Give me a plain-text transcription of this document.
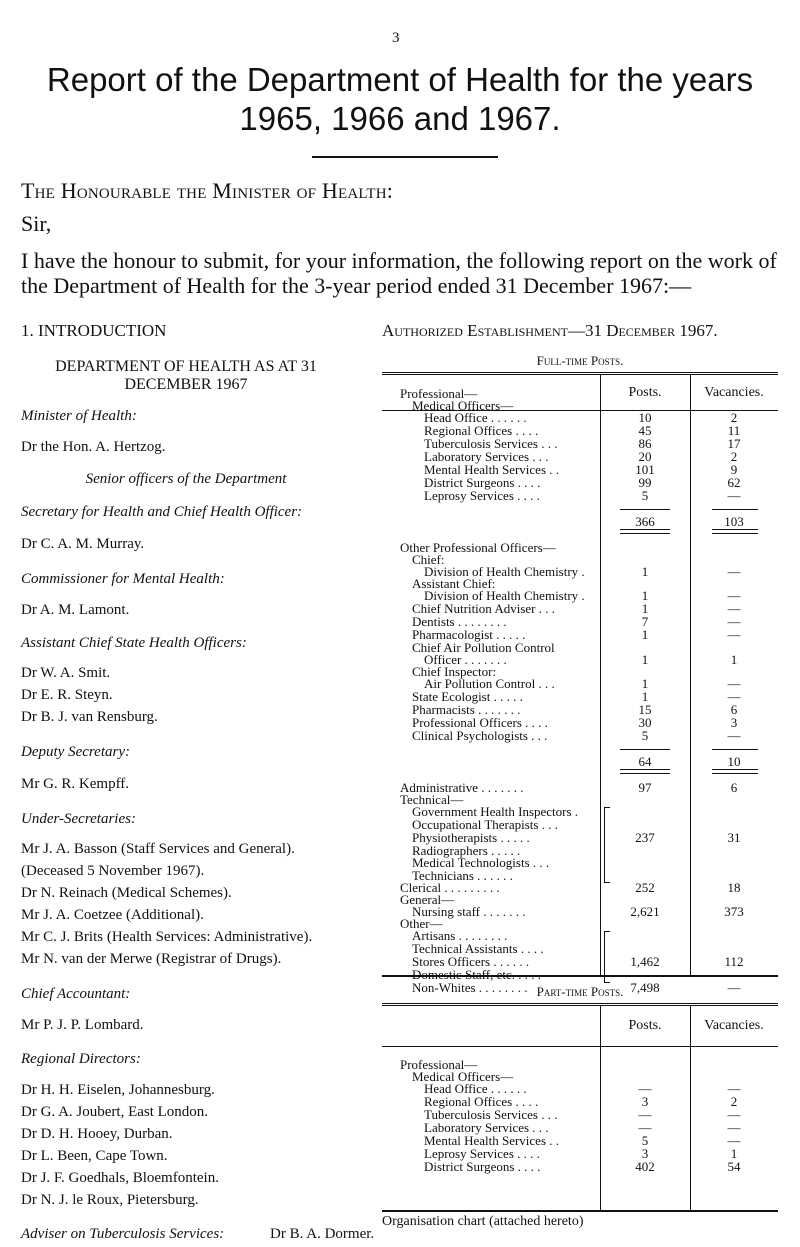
3
Report of the Department of Health for the years 1965, 1966 and 1967.
The Honourable the Minister of Health:
Sir,
I have the honour to submit, for your information, the following report on the work of the Department of Health for the 3-year period ended 31 December 1967:—
1. INTRODUCTION
DEPARTMENT OF HEALTH AS AT 31 DECEMBER 1967
Minister of Health:
Dr the Hon. A. Hertzog.
Senior officers of the Department
Secretary for Health and Chief Health Officer:
Dr C. A. M. Murray.
Commissioner for Mental Health:
Dr A. M. Lamont.
Assistant Chief State Health Officers:
Dr W. A. Smit.
Dr E. R. Steyn.
Dr B. J. van Rensburg.
Deputy Secretary:
Mr G. R. Kempff.
Under-Secretaries:
Mr J. A. Basson (Staff Services and General).
(Deceased 5 November 1967).
Dr N. Reinach (Medical Schemes).
Mr J. A. Coetzee (Additional).
Mr C. J. Brits (Health Services: Administrative).
Mr N. van der Merwe (Registrar of Drugs).
Chief Accountant:
Mr P. J. P. Lombard.
Regional Directors:
Dr H. H. Eiselen, Johannesburg.
Dr G. A. Joubert, East London.
Dr D. H. Hooey, Durban.
Dr L. Been, Cape Town.
Dr J. F. Goedhals, Bloemfontein.
Dr N. J. le Roux, Pietersburg.
Adviser on Tuberculosis Services:	Dr B. A. Dormer.
Authorized Establishment—31 December 1967.
Full-time Posts.
Posts.	Vacancies.
Professional—
Medical Officers—
Head Office . . . . . .	10	2
Regional Offices . . . .	45	11
Tuberculosis Services . . .	86	17
Laboratory Services . . .	20	2
Mental Health Services . .	101	9
District Surgeons . . . .	99	62
Leprosy Services . . . .	5	—
366	103
Other Professional Officers—
Chief:
Division of Health Chemistry .	1	—
Assistant Chief:
Division of Health Chemistry .	1	—
Chief Nutrition Adviser . . .	1	—
Dentists . . . . . . . .	7	—
Pharmacologist . . . . .	1	—
Chief Air Pollution Control
Officer . . . . . . .	1	1
Chief Inspector:
Air Pollution Control . . .	1	—
State Ecologist . . . . .	1	—
Pharmacists . . . . . . .	15	6
Professional Officers . . . .	30	3
Clinical Psychologists . . .	5	—
64	10
Administrative . . . . . . .	97	6
Technical—
Government Health Inspectors .
Occupational Therapists . . .
Physiotherapists . . . . .	237	31
Radiographers . . . . .
Medical Technologists . . .
Technicians . . . . . .
Clerical . . . . . . . . .	252	18
General—
Nursing staff . . . . . . .	2,621	373
Other—
Artisans . . . . . . . .
Technical Assistants . . . .
Stores Officers . . . . . .	1,462	112
Domestic Staff, etc. . . . .
Non-Whites . . . . . . . .	7,498	—
Part-time Posts.
Posts.	Vacancies.
Professional—
Medical Officers—
Head Office . . . . . .	—	—
Regional Offices . . . .	3	2
Tuberculosis Services . . .	—	—
Laboratory Services . . .	—	—
Mental Health Services . .	5	—
Leprosy Services . . . .	3	1
District Surgeons . . . .	402	54
Organisation chart (attached hereto)
